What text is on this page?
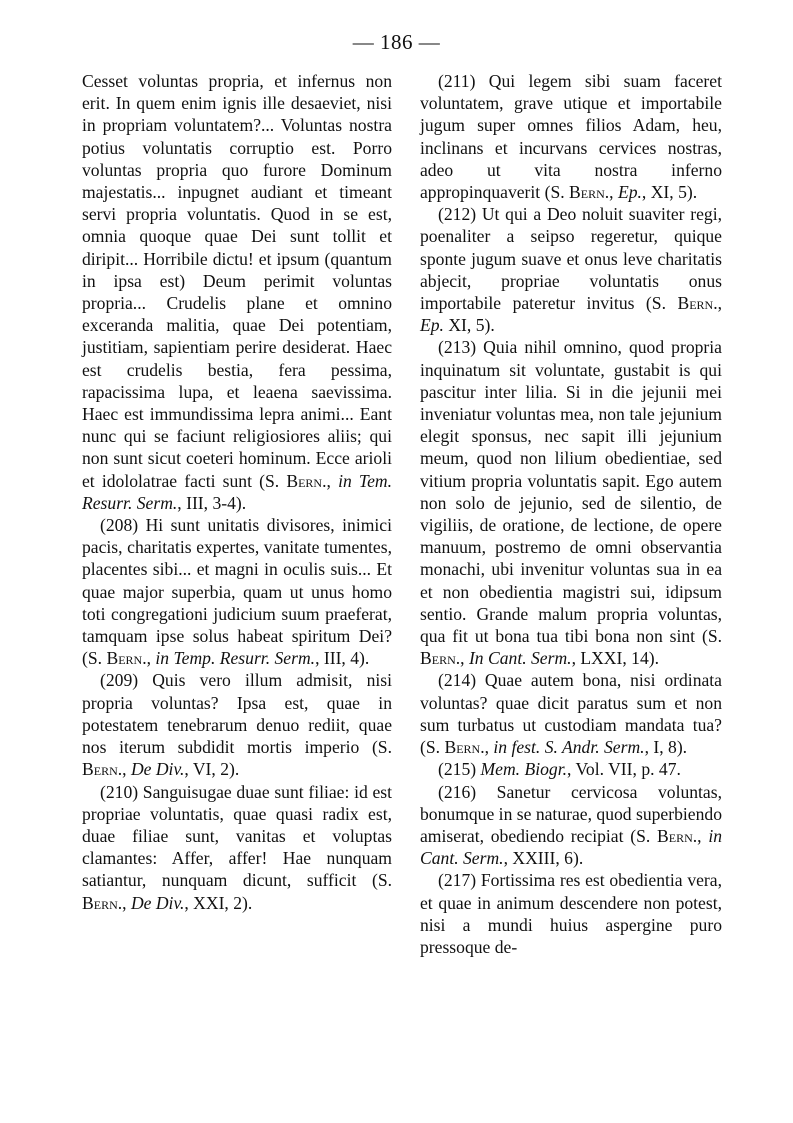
— 186 —

Cesset voluntas propria, et infernus non erit. In quem enim ignis ille desaeviet, nisi in propriam voluntatem?... Voluntas nostra potius voluntatis corruptio est. Porro voluntas propria quo furore Dominum majestatis... inpugnet audiant et timeant servi propria voluntatis. Quod in se est, omnia quoque quae Dei sunt tollit et diripit... Horribile dictu! et ipsum (quantum in ipsa est) Deum perimit voluntas propria... Crudelis plane et omnino exceranda malitia, quae Dei potentiam, justitiam, sapientiam perire desiderat. Haec est crudelis bestia, fera pessima, rapacissima lupa, et leaena saevissima. Haec est immundissima lepra animi... Eant nunc qui se faciunt religiosiores aliis; qui non sunt sicut coeteri hominum. Ecce arioli et idololatrae facti sunt (S. Bern., in Tem. Resurr. Serm., III, 3-4).

(208) Hi sunt unitatis divisores, inimici pacis, charitatis expertes, vanitate tumentes, placentes sibi... et magni in oculis suis... Et quae major superbia, quam ut unus homo toti congregationi judicium suum praeferat, tamquam ipse solus habeat spiritum Dei? (S. Bern., in Temp. Resurr. Serm., III, 4).

(209) Quis vero illum admisit, nisi propria voluntas? Ipsa est, quae in potestatem tenebrarum denuo rediit, quae nos iterum subdidit mortis imperio (S. Bern., De Div., VI, 2).

(210) Sanguisugae duae sunt filiae: id est propriae voluntatis, quae quasi radix est, duae filiae sunt, vanitas et voluptas clamantes: Affer, affer! Hae nunquam satiantur, nunquam dicunt, sufficit (S. Bern., De Div., XXI, 2).

(211) Qui legem sibi suam faceret voluntatem, grave utique et importabile jugum super omnes filios Adam, heu, inclinans et incurvans cervices nostras, adeo ut vita nostra inferno appropinquaverit (S. Bern., Ep., XI, 5).

(212) Ut qui a Deo noluit suaviter regi, poenaliter a seipso regeretur, quique sponte jugum suave et onus leve charitatis abjecit, propriae voluntatis onus importabile pateretur invitus (S. Bern., Ep. XI, 5).

(213) Quia nihil omnino, quod propria inquinatum sit voluntate, gustabit is qui pascitur inter lilia. Si in die jejunii mei inveniatur voluntas mea, non tale jejunium elegit sponsus, nec sapit illi jejunium meum, quod non lilium obedientiae, sed vitium propria voluntatis sapit. Ego autem non solo de jejunio, sed de silentio, de vigiliis, de oratione, de lectione, de opere manuum, postremo de omni observantia monachi, ubi invenitur voluntas sua in ea et non obedientia magistri sui, idipsum sentio. Grande malum propria voluntas, qua fit ut bona tua tibi bona non sint (S. Bern., In Cant. Serm., LXXI, 14).

(214) Quae autem bona, nisi ordinata voluntas? quae dicit paratus sum et non sum turbatus ut custodiam mandata tua? (S. Bern., in fest. S. Andr. Serm., I, 8).

(215) Mem. Biogr., Vol. VII, p. 47.

(216) Sanetur cervicosa voluntas, bonumque in se naturae, quod superbiendo amiserat, obediendo recipiat (S. Bern., in Cant. Serm., XXIII, 6).

(217) Fortissima res est obedientia vera, et quae in animum descendere non potest, nisi a mundi huius aspergine puro pressoque de-
